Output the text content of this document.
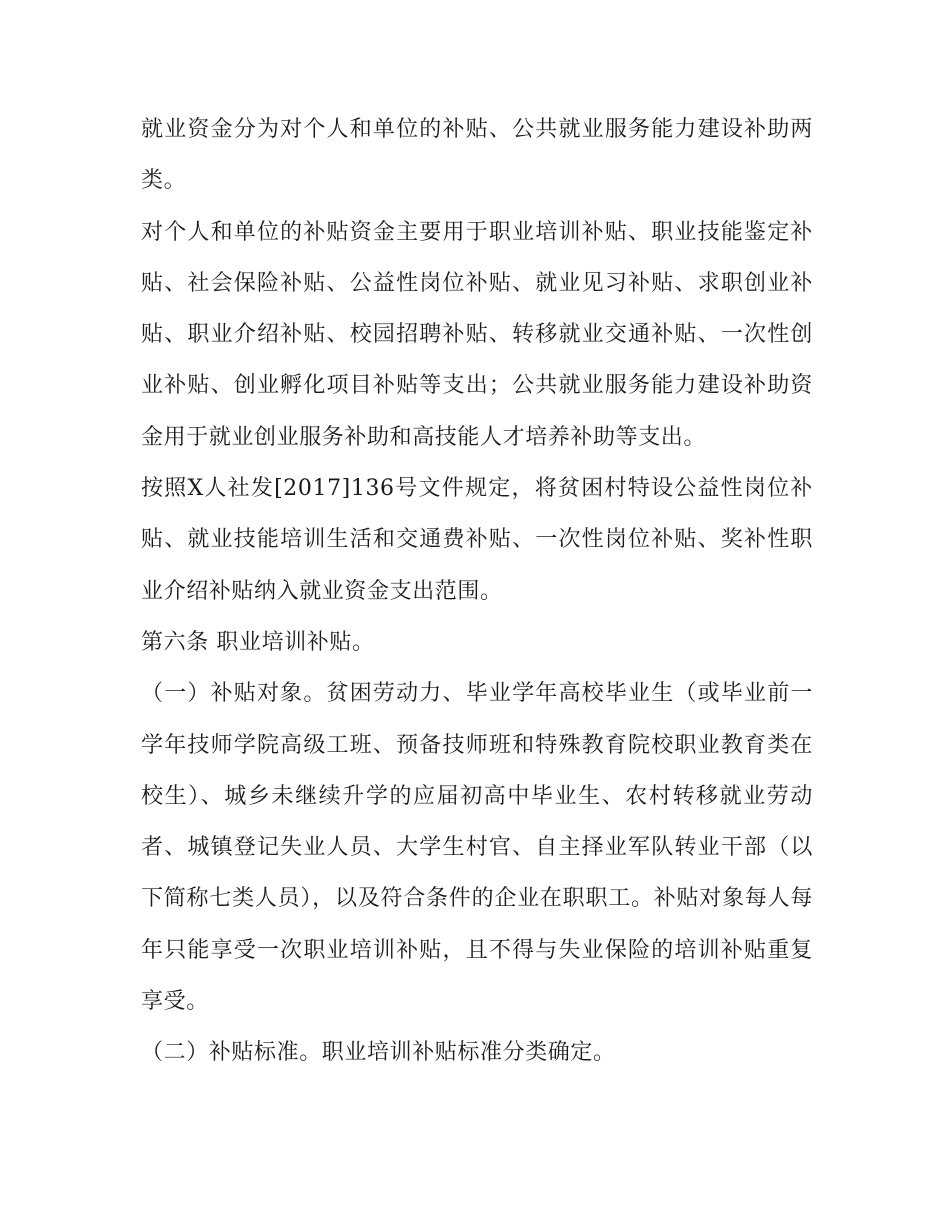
就业资金分为对个人和单位的补贴、公共就业服务能力建设补助两类。

对个人和单位的补贴资金主要用于职业培训补贴、职业技能鉴定补贴、社会保险补贴、公益性岗位补贴、就业见习补贴、求职创业补贴、职业介绍补贴、校园招聘补贴、转移就业交通补贴、一次性创业补贴、创业孵化项目补贴等支出；公共就业服务能力建设补助资金用于就业创业服务补助和高技能人才培养补助等支出。

按照X人社发[2017]136号文件规定，将贫困村特设公益性岗位补贴、就业技能培训生活和交通费补贴、一次性岗位补贴、奖补性职业介绍补贴纳入就业资金支出范围。

第六条 职业培训补贴。

（一）补贴对象。贫困劳动力、毕业学年高校毕业生（或毕业前一学年技师学院高级工班、预备技师班和特殊教育院校职业教育类在校生）、城乡未继续升学的应届初高中毕业生、农村转移就业劳动者、城镇登记失业人员、大学生村官、自主择业军队转业干部（以下简称七类人员），以及符合条件的企业在职职工。补贴对象每人每年只能享受一次职业培训补贴，且不得与失业保险的培训补贴重复享受。

（二）补贴标准。职业培训补贴标准分类确定。
